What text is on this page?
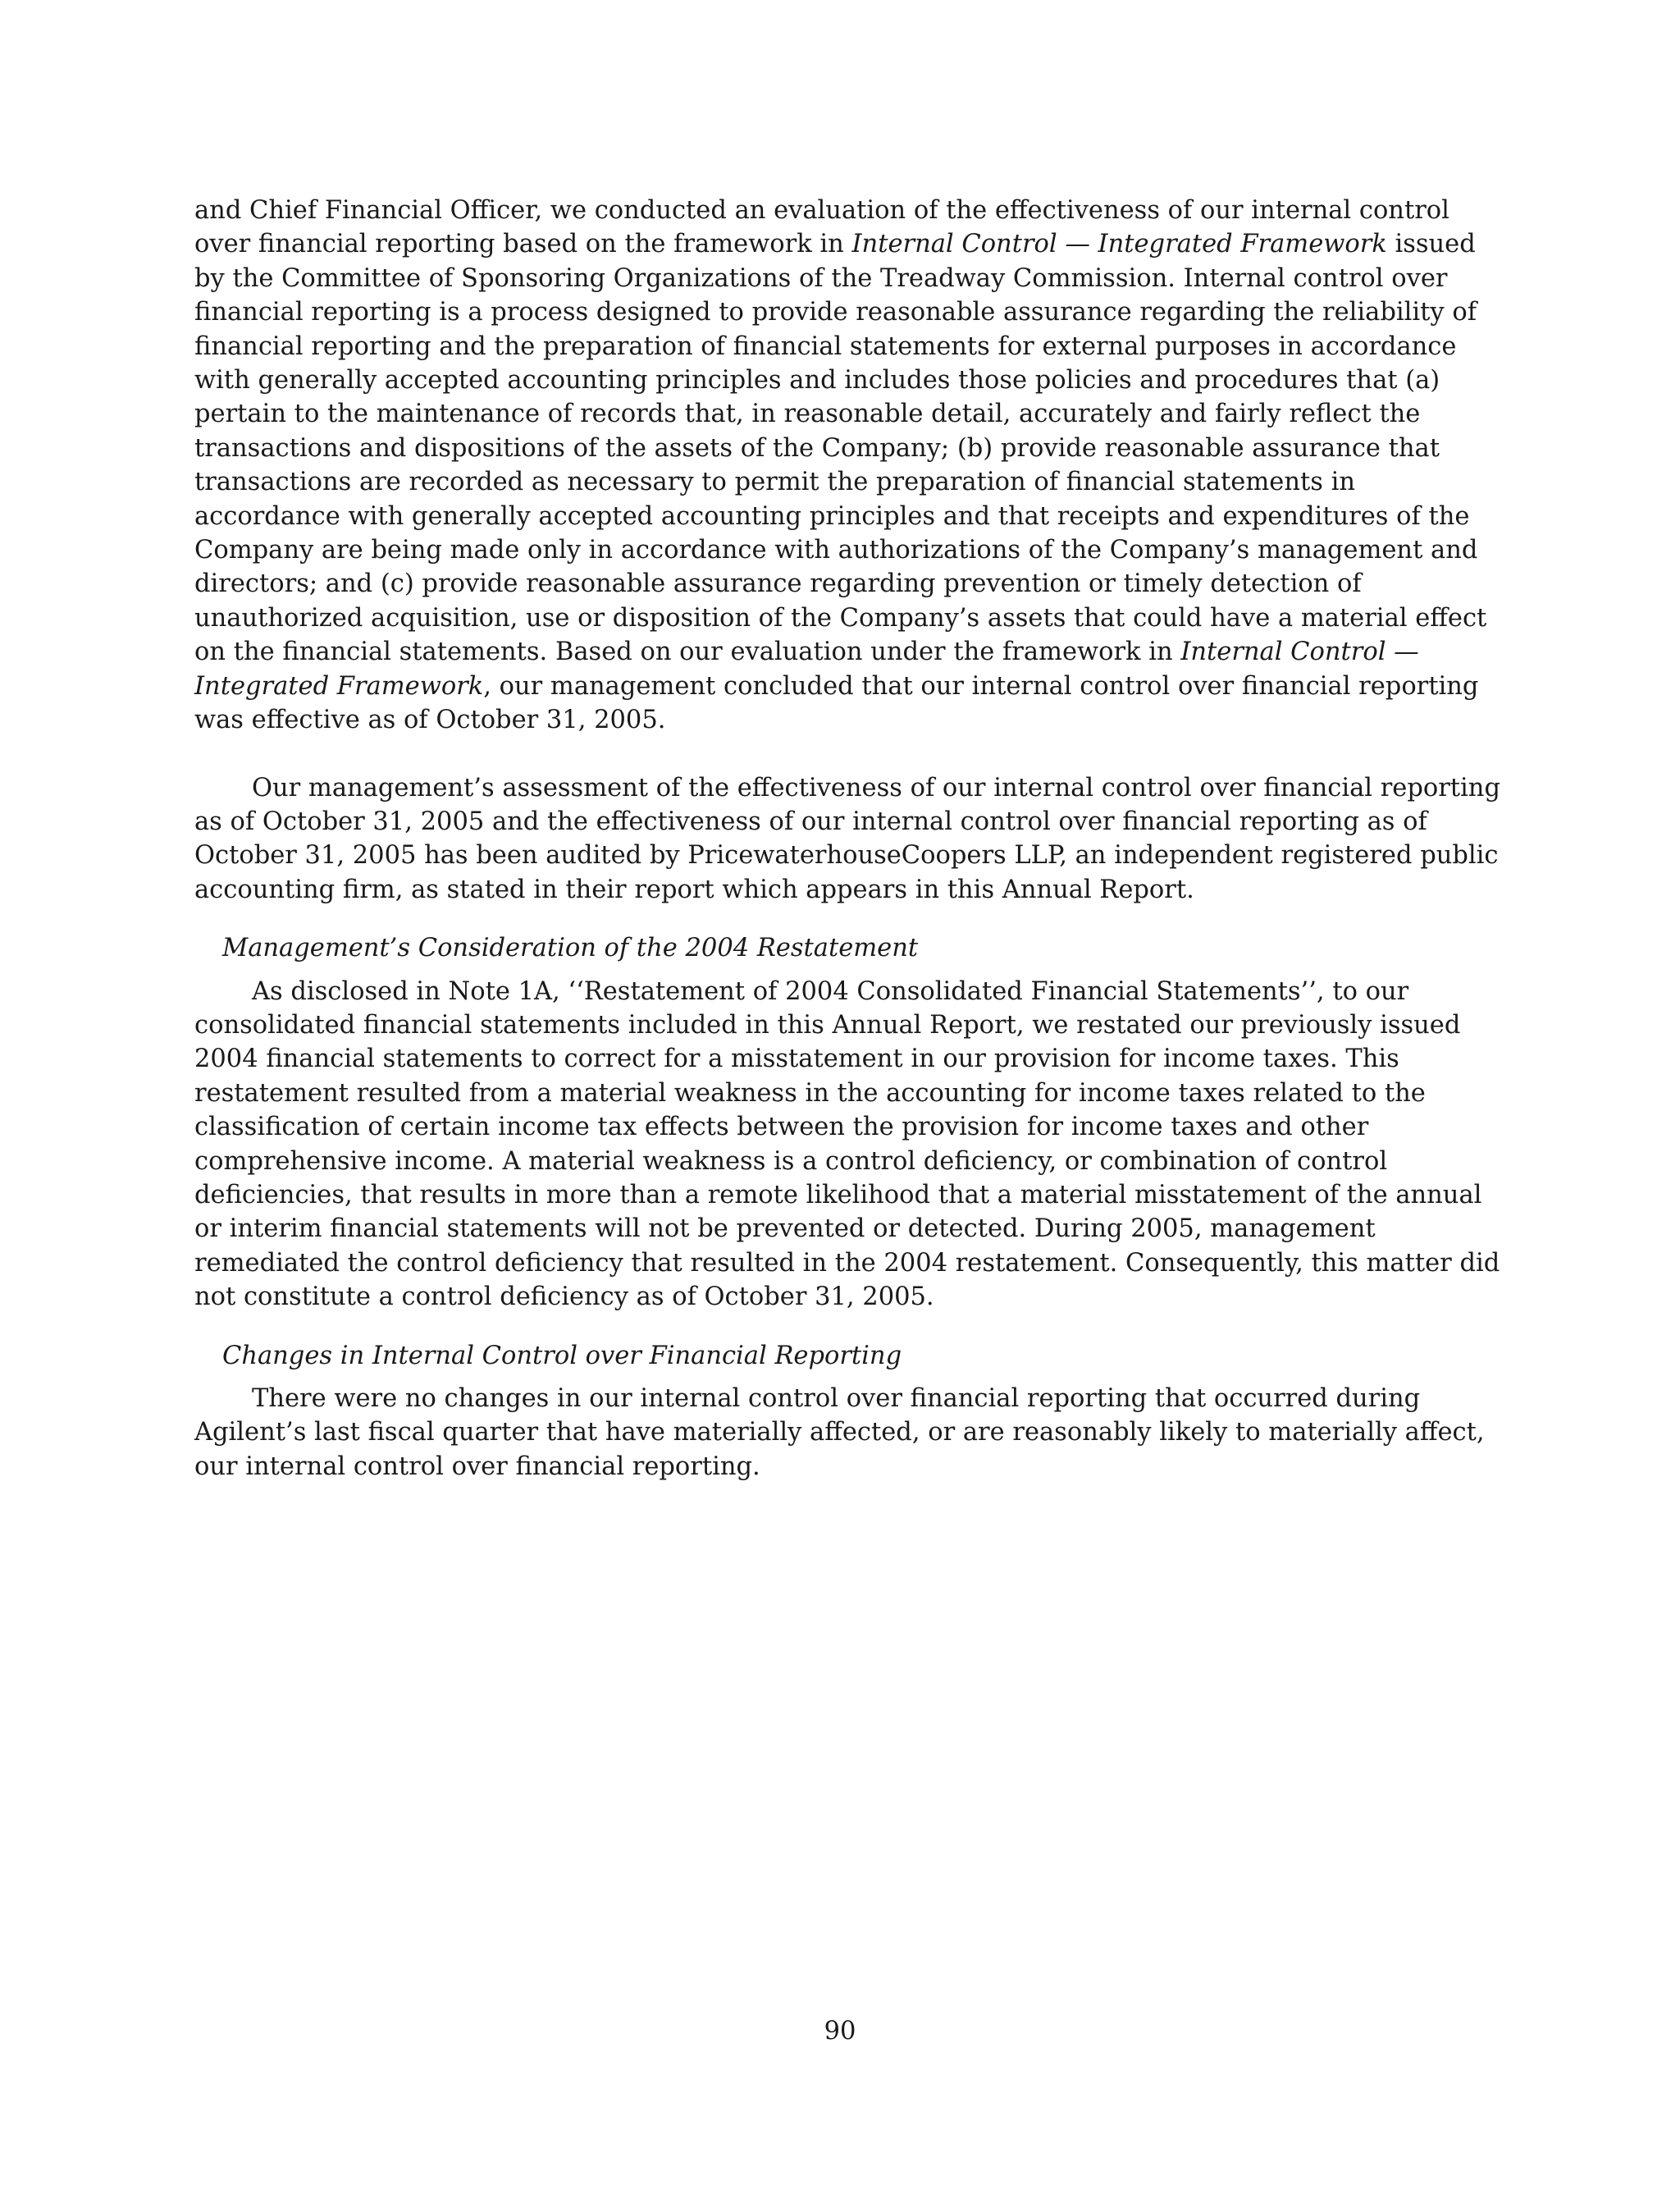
and Chief Financial Officer, we conducted an evaluation of the effectiveness of our internal control over financial reporting based on the framework in Internal Control — Integrated Framework issued by the Committee of Sponsoring Organizations of the Treadway Commission. Internal control over financial reporting is a process designed to provide reasonable assurance regarding the reliability of financial reporting and the preparation of financial statements for external purposes in accordance with generally accepted accounting principles and includes those policies and procedures that (a) pertain to the maintenance of records that, in reasonable detail, accurately and fairly reflect the transactions and dispositions of the assets of the Company; (b) provide reasonable assurance that transactions are recorded as necessary to permit the preparation of financial statements in accordance with generally accepted accounting principles and that receipts and expenditures of the Company are being made only in accordance with authorizations of the Company’s management and directors; and (c) provide reasonable assurance regarding prevention or timely detection of unauthorized acquisition, use or disposition of the Company’s assets that could have a material effect on the financial statements. Based on our evaluation under the framework in Internal Control — Integrated Framework, our management concluded that our internal control over financial reporting was effective as of October 31, 2005.

Our management’s assessment of the effectiveness of our internal control over financial reporting as of October 31, 2005 and the effectiveness of our internal control over financial reporting as of October 31, 2005 has been audited by PricewaterhouseCoopers LLP, an independent registered public accounting firm, as stated in their report which appears in this Annual Report.

Management’s Consideration of the 2004 Restatement

As disclosed in Note 1A, ‘‘Restatement of 2004 Consolidated Financial Statements’’, to our consolidated financial statements included in this Annual Report, we restated our previously issued 2004 financial statements to correct for a misstatement in our provision for income taxes. This restatement resulted from a material weakness in the accounting for income taxes related to the classification of certain income tax effects between the provision for income taxes and other comprehensive income. A material weakness is a control deficiency, or combination of control deficiencies, that results in more than a remote likelihood that a material misstatement of the annual or interim financial statements will not be prevented or detected. During 2005, management remediated the control deficiency that resulted in the 2004 restatement. Consequently, this matter did not constitute a control deficiency as of October 31, 2005.

Changes in Internal Control over Financial Reporting

There were no changes in our internal control over financial reporting that occurred during Agilent’s last fiscal quarter that have materially affected, or are reasonably likely to materially affect, our internal control over financial reporting.

90
